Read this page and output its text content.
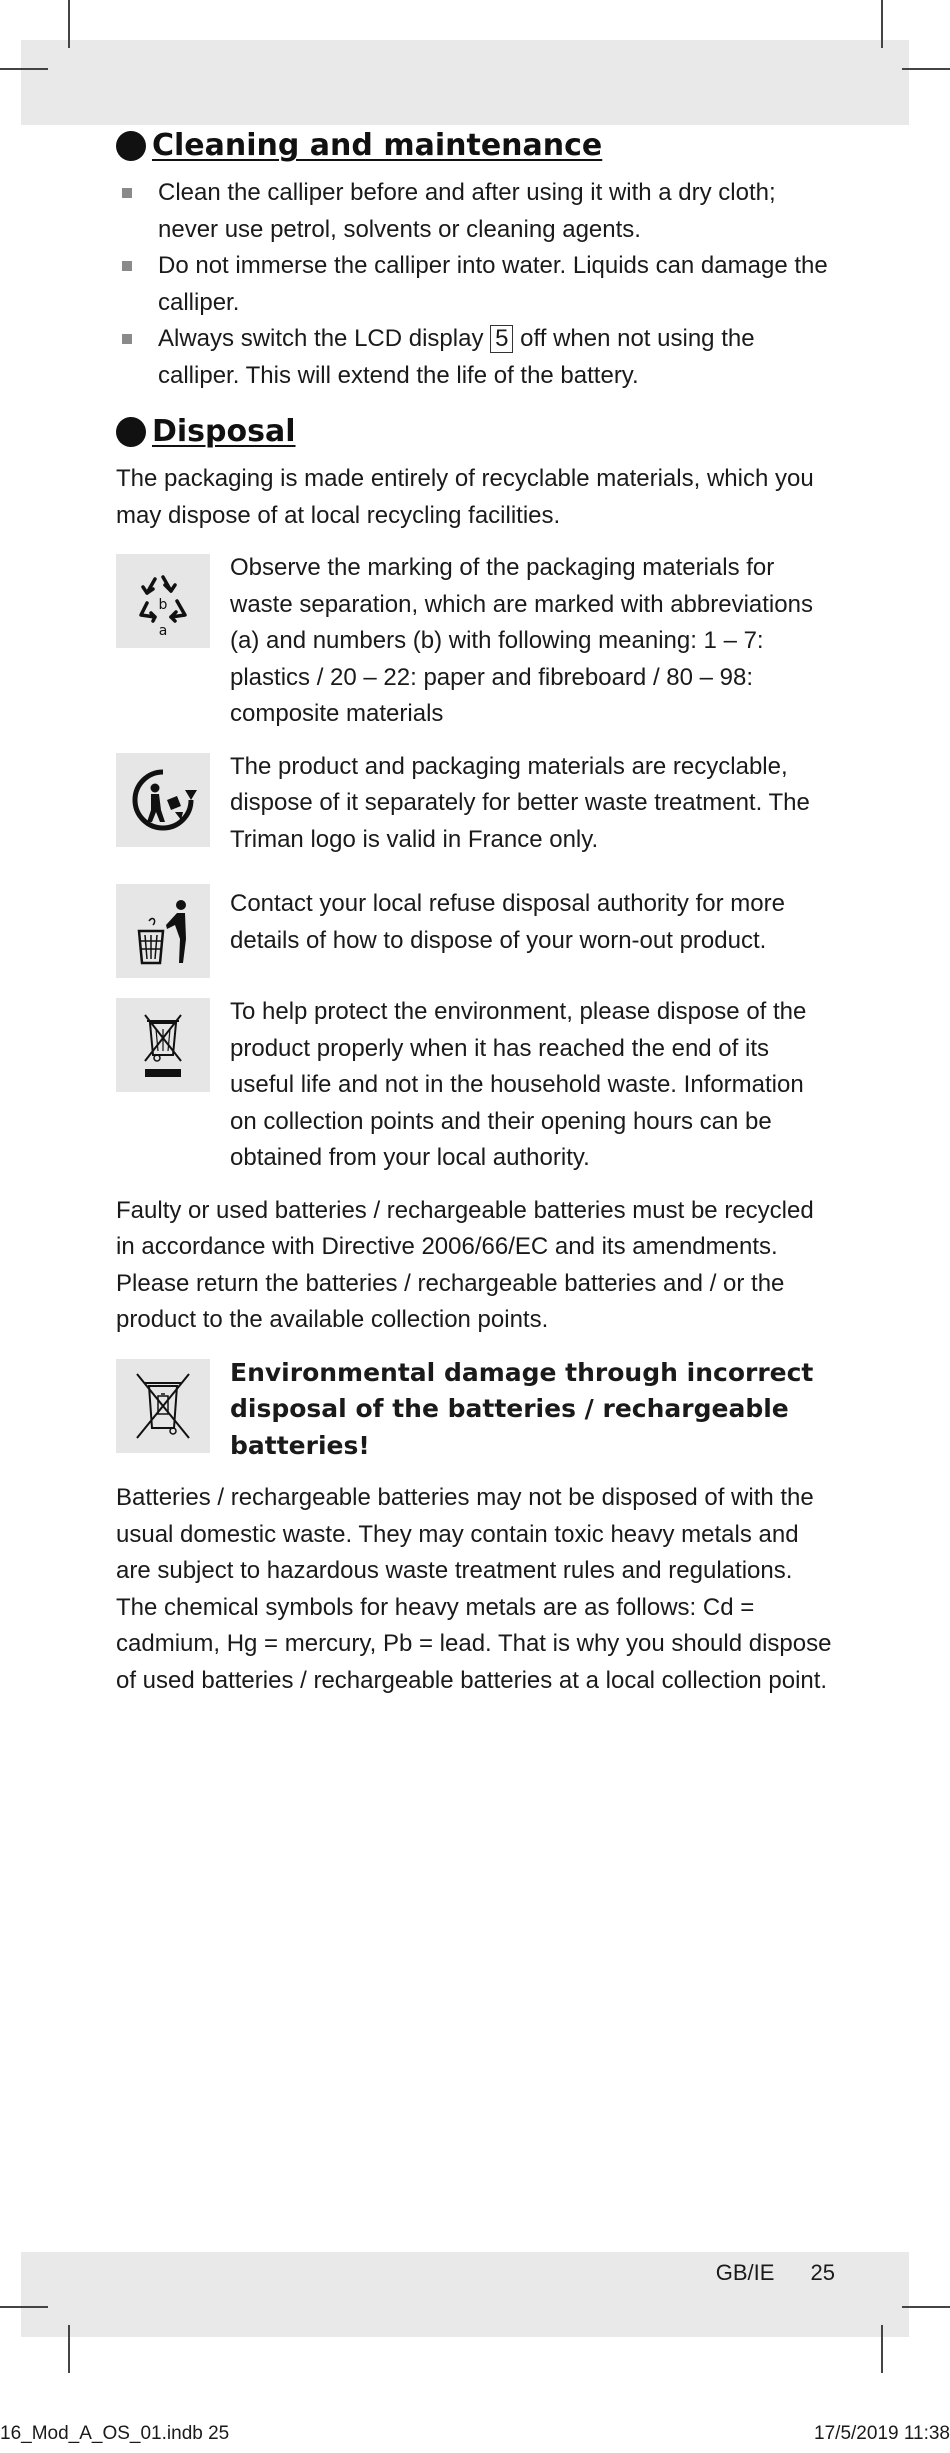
Cleaning and maintenance
Clean the calliper before and after using it with a dry cloth; never use petrol, solvents or cleaning agents.
Do not immerse the calliper into water. Liquids can damage the calliper.
Always switch the LCD display 5 off when not using the calliper. This will extend the life of the battery.
Disposal

The packaging is made entirely of recyclable materials, which you may dispose of at local recycling facilities.

b
a

Observe the marking of the packaging materials for waste separation, which are marked with abbreviations (a) and numbers (b) with following meaning: 1 – 7: plastics / 20 – 22: paper and fibreboard / 80 – 98: composite materials

The product and packaging materials are recyclable, dispose of it separately for better waste treatment. The Triman logo is valid in France only.

Contact your local refuse disposal authority for more details of how to dispose of your worn-out product.

To help protect the environment, please dispose of the product properly when it has reached the end of its useful life and not in the household waste. Information on collection points and their opening hours can be obtained from your local authority.

Faulty or used batteries / rechargeable batteries must be recycled in accordance with Directive 2006/66/EC and its amendments. Please return the batteries / rechargeable batteries and / or the product to the available collection points.

Environmental damage through incorrect disposal of the batteries / rechargeable batteries!

Batteries / rechargeable batteries may not be disposed of with the usual domestic waste. They may contain toxic heavy metals and are subject to hazardous waste treatment rules and regulations. The chemical symbols for heavy metals are as follows: Cd = cadmium, Hg = mercury, Pb = lead. That is why you should dispose of used batteries / rechargeable batteries at a local collection point.

GB/IE 25
16_Mod_A_OS_01.indb 25	17/5/2019 11:38
